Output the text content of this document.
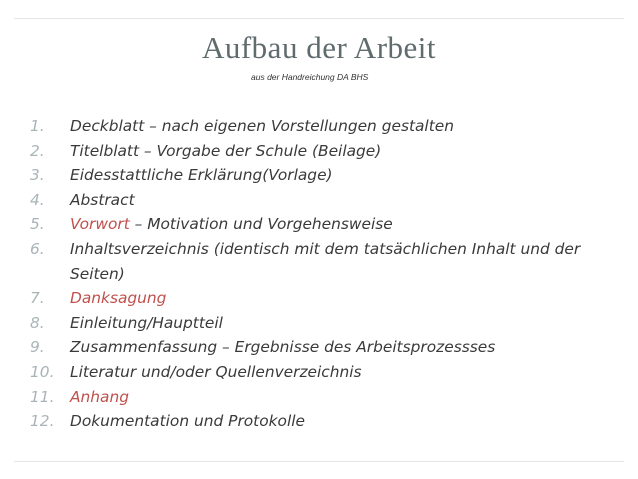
Aufbau der Arbeit
aus der Handreichung DA BHS
1.	Deckblatt – nach eigenen Vorstellungen gestalten
2.	Titelblatt – Vorgabe der Schule (Beilage)
3.	Eidesstattliche Erklärung(Vorlage)
4.	Abstract
5.	Vorwort – Motivation und Vorgehensweise
6.	Inhaltsverzeichnis (identisch mit dem tatsächlichen Inhalt und der Seiten)
7.	Danksagung
8.	Einleitung/Hauptteil
9.	Zusammenfassung – Ergebnisse des Arbeitsprozessses
10.	Literatur und/oder Quellenverzeichnis
11.	Anhang
12.	Dokumentation und Protokolle
